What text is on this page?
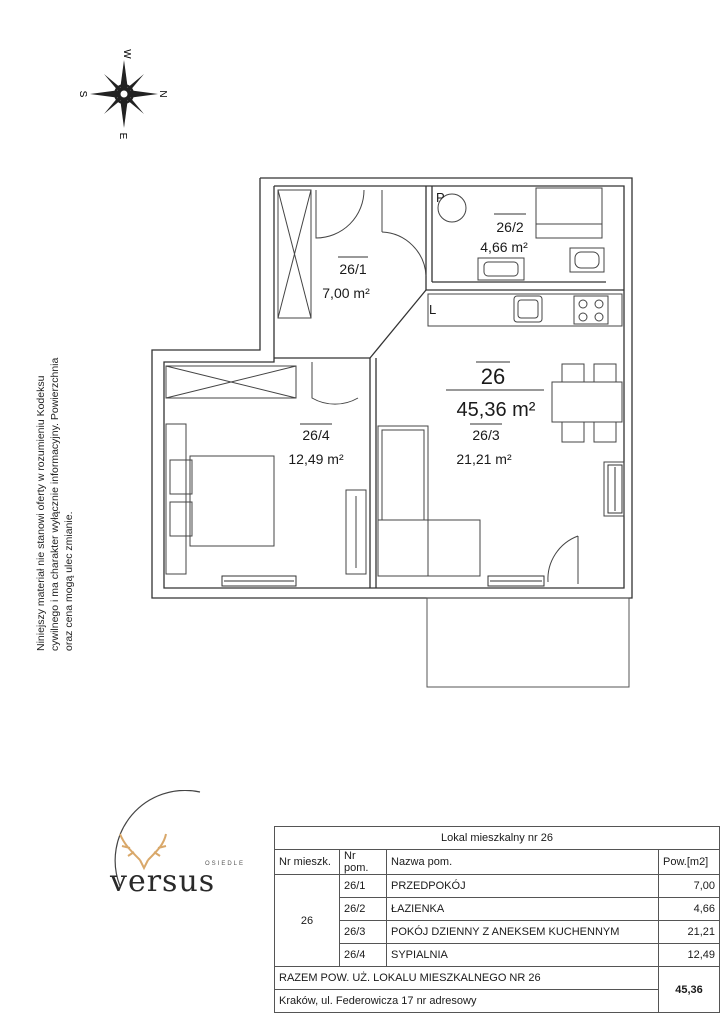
W
E
S	N
26/1
7,00 m²
26/2
4,66 m²
26
45,36 m²
26/3
21,21 m²
26/4
12,49 m²
P
L
Niniejszy materiał nie stanowi oferty w rozumieniu Kodeksu cywilnego i ma charakter wyłącznie informacyjny. Powierzchnia oraz cena mogą ulec zmianie.
OSIEDLE
versus
Lokal mieszkalny nr 26			
Nr mieszk.	Nr pom.	Nazwa pom.	Pow.[m2]
26	26/1	PRZEDPOKÓJ	7,00
	26/2	ŁAZIENKA	4,66
	26/3	POKÓJ DZIENNY Z ANEKSEM KUCHENNYM	21,21
	26/4	SYPIALNIA	12,49
RAZEM POW. UŻ. LOKALU MIESZKALNEGO NR 26			45,36
Kraków, ul. Federowicza 17 nr adresowy			
